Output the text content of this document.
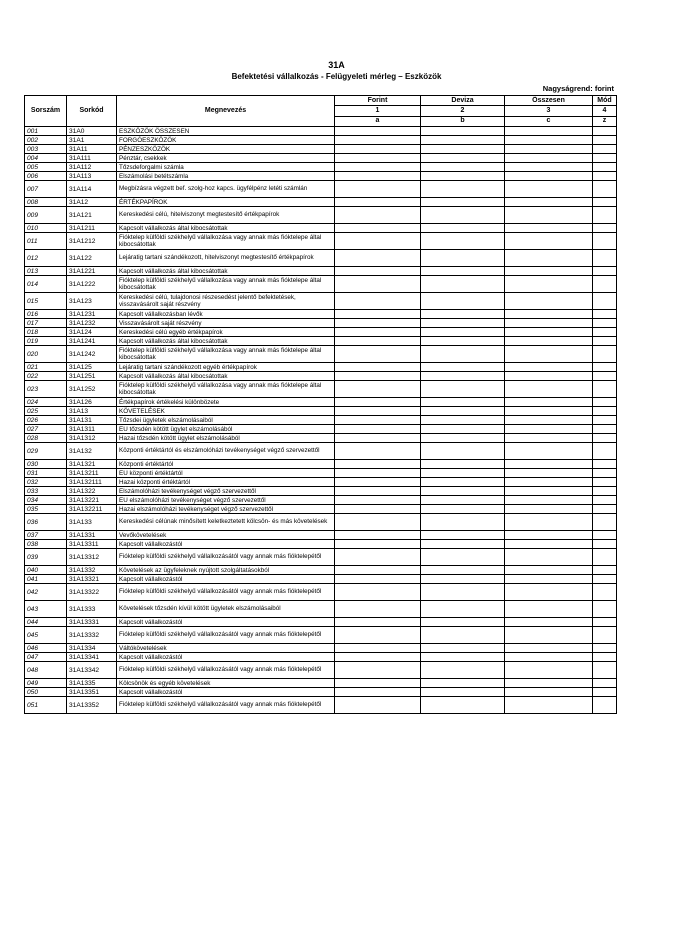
31A
Befektetési vállalkozás - Felügyeleti mérleg – Eszközök
Nagyságrend: forint
Sorszám	Sorkód	Megnevezés	Forint	Deviza	Összesen	Mód
			1	2	3	4
			a	b	c	z
001	31A0	ESZKÖZÖK ÖSSZESEN				
002	31A1	FORGÓESZKÖZÖK				
003	31A11	PÉNZESZKÖZÖK				
004	31A111	Pénztár, csekkek				
005	31A112	Tőzsdeforgalmi számla				
006	31A113	Elszámolási betétszámla				
007	31A114	Megbízásra végzett bef. szolg-hoz kapcs. ügyfélpénz letéti számlán				

008	31A12	ÉRTÉKPAPÍROK				
009	31A121	Kereskedési célú, hitelviszonyt megtestesítő értékpapírok				

010	31A1211	Kapcsolt vállalkozás által kibocsátottak				
011	31A1212	Fióktelep külföldi székhelyű vállalkozása vagy annak más fióktelepe által kibocsátottak				

012	31A122	Lejáratig tartani szándékozott, hitelviszonyt megtestesítő értékpapírok				

013	31A1221	Kapcsolt vállalkozás által kibocsátottak				
014	31A1222	Fióktelep külföldi székhelyű vállalkozása vagy annak más fióktelepe által kibocsátottak				

015	31A123	Kereskedési célú, tulajdonosi részesedést jelentő befektetések, visszavásárolt saját részvény				

016	31A1231	Kapcsolt vállalkozásban lévők				
017	31A1232	Visszavásárolt saját részvény				
018	31A124	Kereskedési célú egyéb értékpapírok				
019	31A1241	Kapcsolt vállalkozás által kibocsátottak				
020	31A1242	Fióktelep külföldi székhelyű vállalkozása vagy annak más fióktelepe által kibocsátottak				

021	31A125	Lejáratig tartani szándékozott egyéb értékpapírok				
022	31A1251	Kapcsolt vállalkozás által kibocsátottak				
023	31A1252	Fióktelep külföldi székhelyű vállalkozása vagy annak más fióktelepe által kibocsátottak				

024	31A126	Értékpapírok értékelési különbözete				
025	31A13	KÖVETELÉSEK				
026	31A131	Tőzsdei ügyletek elszámolásaiból				
027	31A1311	EU tőzsdén kötött ügylet elszámolásából				
028	31A1312	Hazai tőzsdén kötött ügylet elszámolásából				
029	31A132	Központi értéktártól és elszámolóházi tevékenységet végző szervezettől				

030	31A1321	Központi értéktártól				
031	31A13211	EU központi értéktártól				
032	31A132111	Hazai központi értéktártól				
033	31A1322	Elszámolóházi tevékenységet végző szervezettől				
034	31A13221	EU elszámolóházi tevékenységet végző szervezettől				
035	31A132211	Hazai elszámolóházi tevékenységet végző szervezettől				
036	31A133	Kereskedési célúnak minősített keletkeztetett kölcsön- és más követelések				

037	31A1331	Vevőkövetelések				
038	31A13311	Kapcsolt vállalkozástól				
039	31A13312	Fióktelep külföldi székhelyű vállalkozásától vagy annak más fióktelepétől				

040	31A1332	Követelések az ügyfeleknek nyújtott szolgáltatásokból				
041	31A13321	Kapcsolt vállalkozástól				
042	31A13322	Fióktelep külföldi székhelyű vállalkozásától vagy annak más fióktelepétől				

043	31A1333	Követelések tőzsdén kívül kötött ügyletek elszámolásaiból				

044	31A13331	Kapcsolt vállalkozástól				
045	31A13332	Fióktelep külföldi székhelyű vállalkozásától vagy annak más fióktelepétől				

046	31A1334	Váltókövetelések				
047	31A13341	Kapcsolt vállalkozástól				
048	31A13342	Fióktelep külföldi székhelyű vállalkozásától vagy annak más fióktelepétől				

049	31A1335	Kölcsönök és egyéb követelések				
050	31A13351	Kapcsolt vállalkozástól				
051	31A13352	Fióktelep külföldi székhelyű vállalkozásától vagy annak más fióktelepétől				
